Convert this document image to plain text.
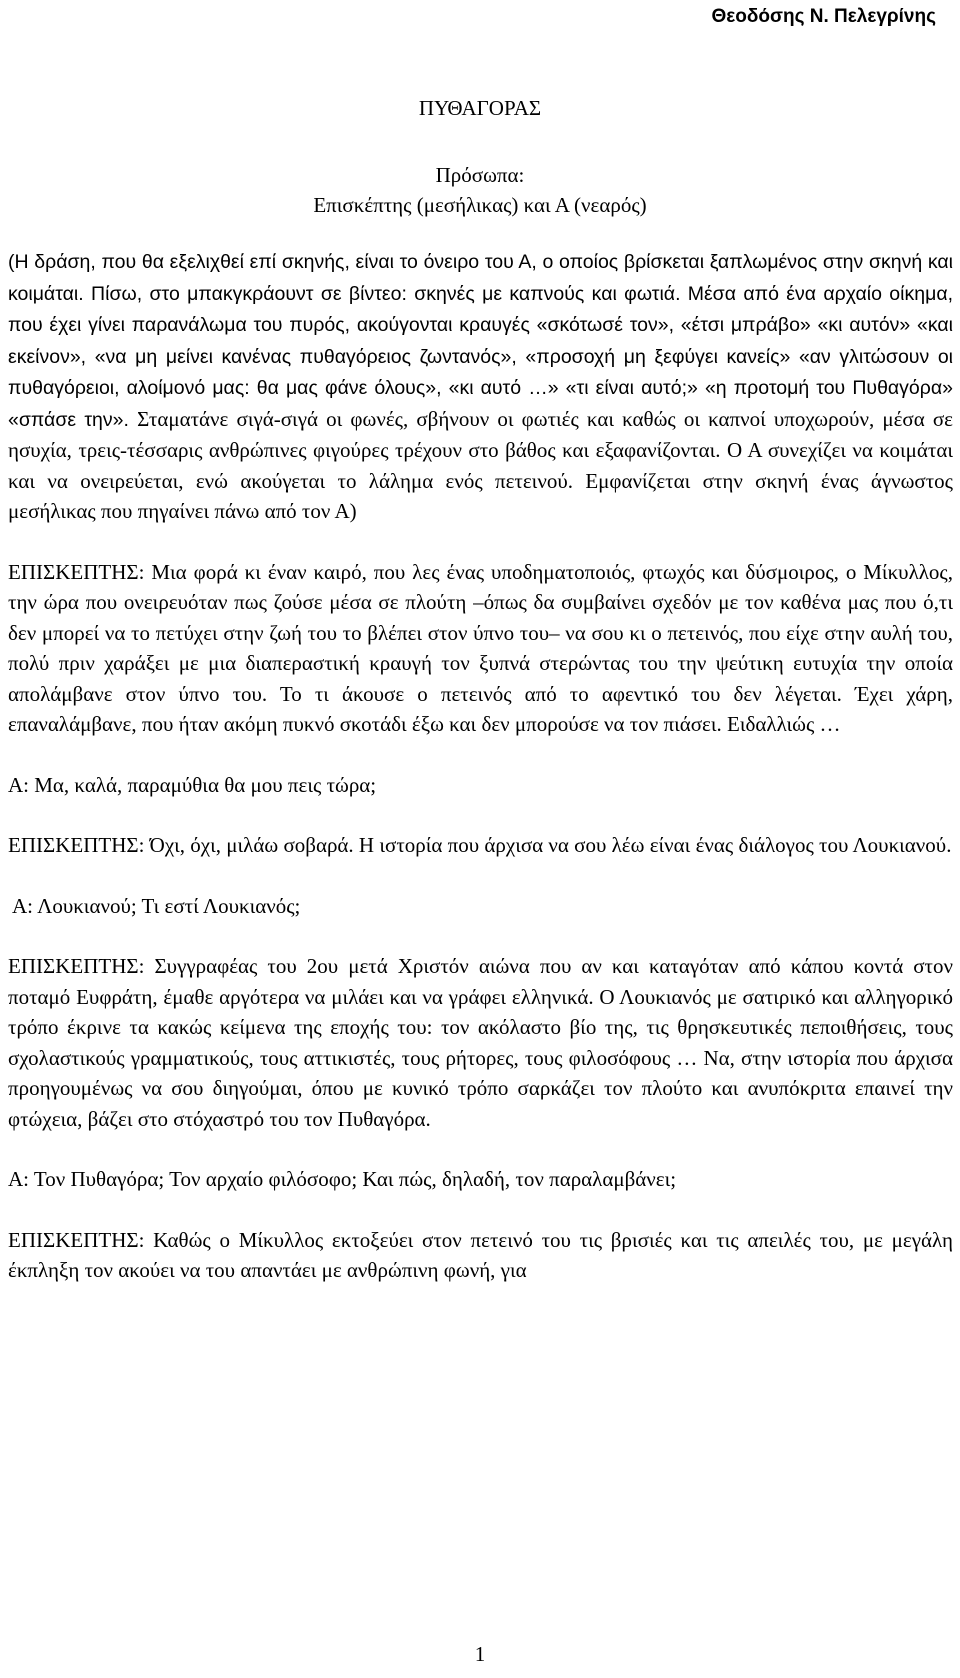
Θεοδόσης Ν. Πελεγρίνης
ΠΥΘΑΓΟΡΑΣ
Πρόσωπα:
Επισκέπτης (μεσήλικας) και Α (νεαρός)

(Η δράση, που θα εξελιχθεί επί σκηνής, είναι το όνειρο του Α, ο οποίος βρίσκεται ξαπλωμένος στην σκηνή και κοιμάται. Πίσω, στο μπακγκράουντ σε βίντεο: σκηνές με καπνούς και φωτιά. Μέσα από ένα αρχαίο οίκημα, που έχει γίνει παρανάλωμα του πυρός, ακούγονται κραυγές «σκότωσέ τον», «έτσι μπράβο» «κι αυτόν» «και εκείνον», «να μη μείνει κανένας πυθαγόρειος ζωντανός», «προσοχή μη ξεφύγει κανείς» «αν γλιτώσουν οι πυθαγόρειοι, αλοίμονό μας: θα μας φάνε όλους», «κι αυτό …» «τι είναι αυτό;» «η προτομή του Πυθαγόρα» «σπάσε την». Σταματάνε σιγά-σιγά οι φωνές, σβήνουν οι φωτιές και καθώς οι καπνοί υποχωρούν, μέσα σε ησυχία, τρεις-τέσσαρις ανθρώπινες φιγούρες τρέχουν στο βάθος και εξαφανίζονται. Ο Α συνεχίζει να κοιμάται και να ονειρεύεται, ενώ ακούγεται το λάλημα ενός πετεινού. Εμφανίζεται στην σκηνή ένας άγνωστος μεσήλικας που πηγαίνει πάνω από τον Α)

ΕΠΙΣΚΕΠΤΗΣ: Μια φορά κι έναν καιρό, που λες ένας υποδηματοποιός, φτωχός και δύσμοιρος, ο Μίκυλλος, την ώρα που ονειρευόταν πως ζούσε μέσα σε πλούτη –όπως δα συμβαίνει σχεδόν με τον καθένα μας που ό,τι δεν μπορεί να το πετύχει στην ζωή του το βλέπει στον ύπνο του– να σου κι ο πετεινός, που είχε στην αυλή του, πολύ πριν χαράξει με μια διαπεραστική κραυγή τον ξυπνά στερώντας του την ψεύτικη ευτυχία την οποία απολάμβανε στον ύπνο του. Το τι άκουσε ο πετεινός από το αφεντικό του δεν λέγεται. Έχει χάρη, επαναλάμβανε, που ήταν ακόμη πυκνό σκοτάδι έξω και δεν μπορούσε να τον πιάσει. Ειδαλλιώς …

Α: Μα, καλά, παραμύθια θα μου πεις τώρα;

ΕΠΙΣΚΕΠΤΗΣ: Όχι, όχι, μιλάω σοβαρά. Η ιστορία που άρχισα να σου λέω είναι ένας διάλογος του Λουκιανού.

Α: Λουκιανού; Τι εστί Λουκιανός;

ΕΠΙΣΚΕΠΤΗΣ: Συγγραφέας του 2ου μετά Χριστόν αιώνα που αν και καταγόταν από κάπου κοντά στον ποταμό Ευφράτη, έμαθε αργότερα να μιλάει και να γράφει ελληνικά. Ο Λουκιανός με σατιρικό και αλληγορικό τρόπο έκρινε τα κακώς κείμενα της εποχής του: τον ακόλαστο βίο της, τις θρησκευτικές πεποιθήσεις, τους σχολαστικούς γραμματικούς, τους αττικιστές, τους ρήτορες, τους φιλοσόφους … Να, στην ιστορία που άρχισα προηγουμένως να σου διηγούμαι, όπου με κυνικό τρόπο σαρκάζει τον πλούτο και ανυπόκριτα επαινεί την φτώχεια, βάζει στο στόχαστρό του τον Πυθαγόρα.

Α: Τον Πυθαγόρα; Τον αρχαίο φιλόσοφο; Και πώς, δηλαδή, τον παραλαμβάνει;

ΕΠΙΣΚΕΠΤΗΣ: Καθώς ο Μίκυλλος εκτοξεύει στον πετεινό του τις βρισιές και τις απειλές του, με μεγάλη έκπληξη τον ακούει να του απαντάει με ανθρώπινη φωνή, για

1
